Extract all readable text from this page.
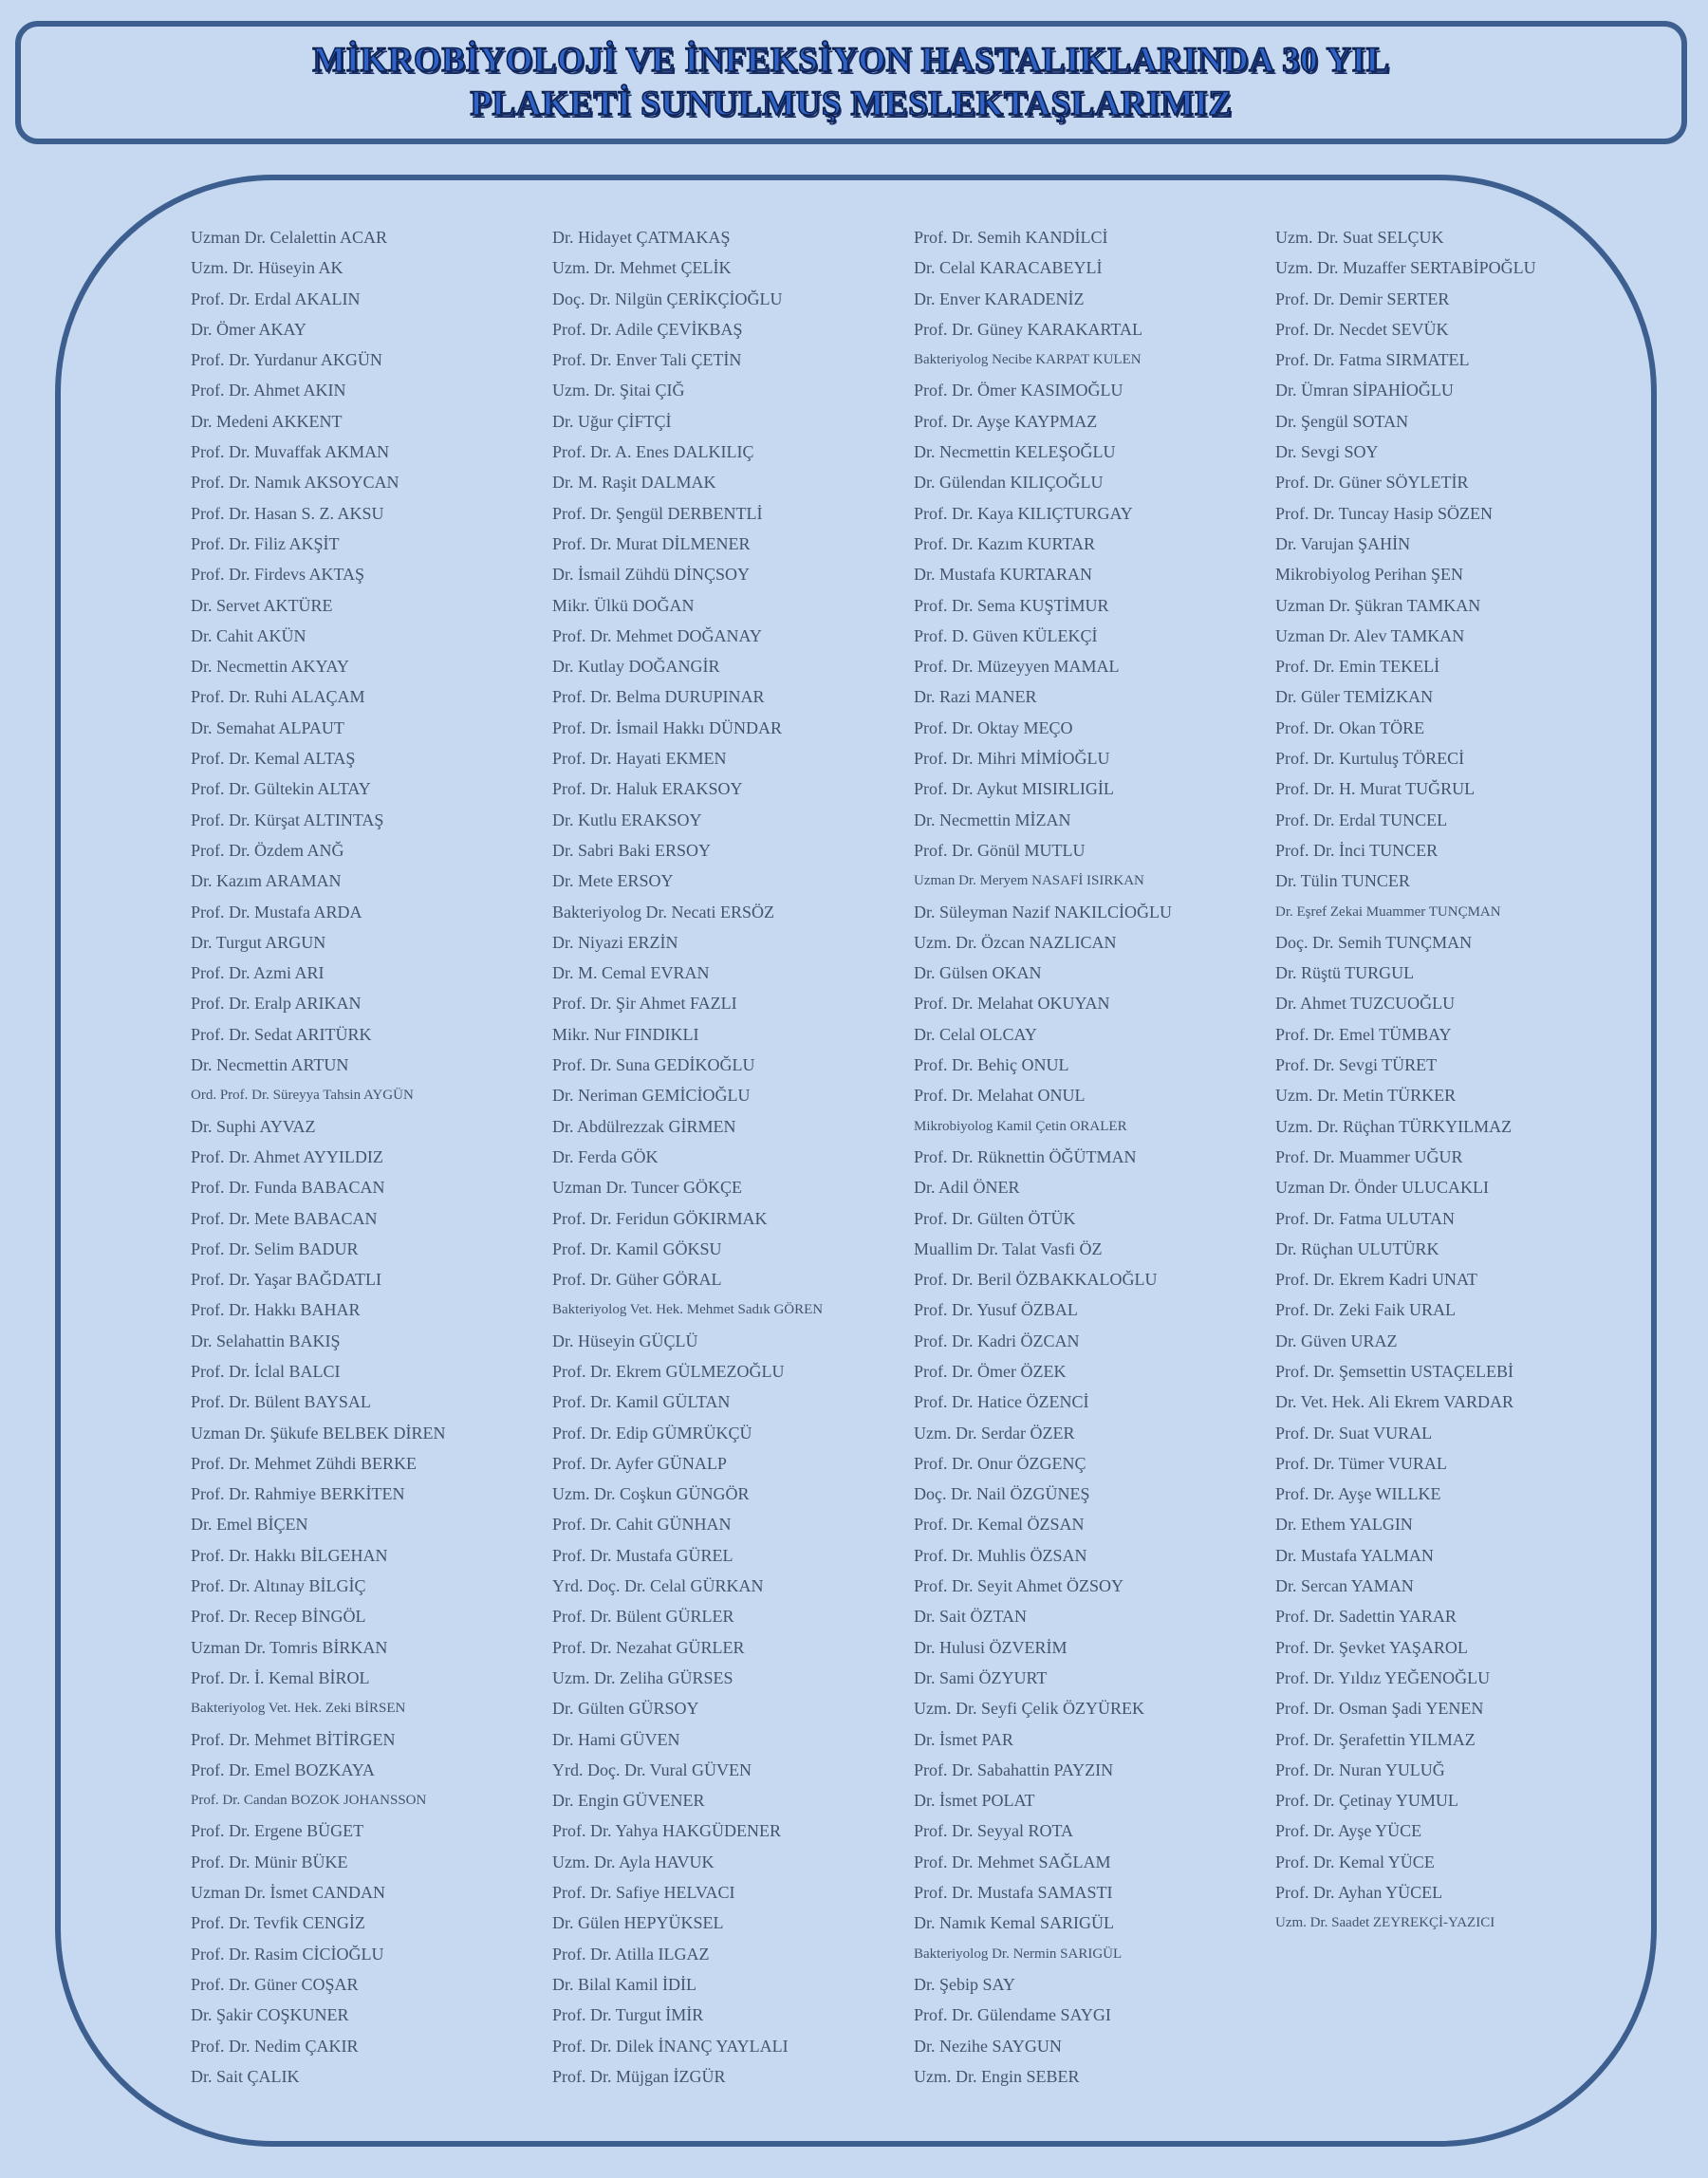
MİKROBİYOLOJİ VE İNFEKSİYON HASTALIKLARINDA 30 YIL
PLAKETİ SUNULMUŞ MESLEKTAŞLARIMIZ
Uzman Dr. Celalettin ACAR
Uzm. Dr. Hüseyin AK
Prof. Dr. Erdal AKALIN
Dr. Ömer AKAY
Prof. Dr. Yurdanur AKGÜN
Prof. Dr. Ahmet AKIN
Dr. Medeni AKKENT
Prof. Dr. Muvaffak AKMAN
Prof. Dr. Namık AKSOYCAN
Prof. Dr. Hasan S. Z. AKSU
Prof. Dr. Filiz AKŞİT
Prof. Dr. Firdevs AKTAŞ
Dr. Servet AKTÜRE
Dr. Cahit AKÜN
Dr. Necmettin AKYAY
Prof. Dr. Ruhi ALAÇAM
Dr. Semahat ALPAUT
Prof. Dr. Kemal ALTAŞ
Prof. Dr. Gültekin ALTAY
Prof. Dr. Kürşat ALTINTAŞ
Prof. Dr. Özdem ANĞ
Dr. Kazım ARAMAN
Prof. Dr. Mustafa ARDA
Dr. Turgut ARGUN
Prof. Dr. Azmi ARI
Prof. Dr. Eralp ARIKAN
Prof. Dr. Sedat ARITÜRK
Dr. Necmettin ARTUN
Ord. Prof. Dr. Süreyya Tahsin AYGÜN
Dr. Suphi AYVAZ
Prof. Dr. Ahmet AYYILDIZ
Prof. Dr. Funda BABACAN
Prof. Dr. Mete BABACAN
Prof. Dr. Selim BADUR
Prof. Dr. Yaşar BAĞDATLI
Prof. Dr. Hakkı BAHAR
Dr. Selahattin BAKIŞ
Prof. Dr. İclal BALCI
Prof. Dr. Bülent BAYSAL
Uzman Dr. Şükufe BELBEK DİREN
Prof. Dr. Mehmet Zühdi BERKE
Prof. Dr. Rahmiye BERKİTEN
Dr. Emel BİÇEN
Prof. Dr. Hakkı BİLGEHAN
Prof. Dr. Altınay BİLGİÇ
Prof. Dr. Recep BİNGÖL
Uzman Dr. Tomris BİRKAN
Prof. Dr. İ. Kemal BİROL
Bakteriyolog Vet. Hek. Zeki BİRSEN
Prof. Dr. Mehmet BİTİRGEN
Prof. Dr. Emel BOZKAYA
Prof. Dr. Candan BOZOK JOHANSSON
Prof. Dr. Ergene BÜGET
Prof. Dr. Münir BÜKE
Uzman Dr. İsmet CANDAN
Prof. Dr. Tevfik CENGİZ
Prof. Dr. Rasim CİCİOĞLU
Prof. Dr. Güner COŞAR
Dr. Şakir COŞKUNER
Prof. Dr. Nedim ÇAKIR
Dr. Sait ÇALIK
Dr. Hidayet ÇATMAKAŞ
Uzm. Dr. Mehmet ÇELİK
Doç. Dr. Nilgün ÇERİKÇİOĞLU
Prof. Dr. Adile ÇEVİKBAŞ
Prof. Dr. Enver Tali ÇETİN
Uzm. Dr. Şitai ÇIĞ
Dr. Uğur ÇİFTÇİ
Prof. Dr. A. Enes DALKILIÇ
Dr. M. Raşit DALMAK
Prof. Dr. Şengül DERBENTLİ
Prof. Dr. Murat DİLMENER
Dr. İsmail Zühdü DİNÇSOY
Mikr. Ülkü DOĞAN
Prof. Dr. Mehmet DOĞANAY
Dr. Kutlay DOĞANGİR
Prof. Dr. Belma DURUPINAR
Prof. Dr. İsmail Hakkı DÜNDAR
Prof. Dr. Hayati EKMEN
Prof. Dr. Haluk ERAKSOY
Dr. Kutlu ERAKSOY
Dr. Sabri Baki ERSOY
Dr. Mete ERSOY
Bakteriyolog Dr. Necati ERSÖZ
Dr. Niyazi ERZİN
Dr. M. Cemal EVRAN
Prof. Dr. Şir Ahmet FAZLI
Mikr. Nur FINDIKLI
Prof. Dr. Suna GEDİKOĞLU
Dr. Neriman GEMİCİOĞLU
Dr. Abdülrezzak GİRMEN
Dr. Ferda GÖK
Uzman Dr. Tuncer GÖKÇE
Prof. Dr. Feridun GÖKIRMAK
Prof. Dr. Kamil GÖKSU
Prof. Dr. Güher GÖRAL
Bakteriyolog Vet. Hek. Mehmet Sadık GÖREN
Dr. Hüseyin GÜÇLÜ
Prof. Dr. Ekrem GÜLMEZOĞLU
Prof. Dr. Kamil GÜLTAN
Prof. Dr. Edip GÜMRÜKÇÜ
Prof. Dr. Ayfer GÜNALP
Uzm. Dr. Coşkun GÜNGÖR
Prof. Dr. Cahit GÜNHAN
Prof. Dr. Mustafa GÜREL
Yrd. Doç. Dr. Celal GÜRKAN
Prof. Dr. Bülent GÜRLER
Prof. Dr. Nezahat GÜRLER
Uzm. Dr. Zeliha GÜRSES
Dr. Gülten GÜRSOY
Dr. Hami GÜVEN
Yrd. Doç. Dr. Vural GÜVEN
Dr. Engin GÜVENER
Prof. Dr. Yahya HAKGÜDENER
Uzm. Dr. Ayla HAVUK
Prof. Dr. Safiye HELVACI
Dr. Gülen HEPYÜKSEL
Prof. Dr. Atilla ILGAZ
Dr. Bilal Kamil İDİL
Prof. Dr. Turgut İMİR
Prof. Dr. Dilek İNANÇ YAYLALI
Prof. Dr. Müjgan İZGÜR
Prof. Dr. Semih KANDİLCİ
Dr. Celal KARACABEYLİ
Dr. Enver KARADENİZ
Prof. Dr. Güney KARAKARTAL
Bakteriyolog Necibe KARPAT KULEN
Prof. Dr. Ömer KASIMOĞLU
Prof. Dr. Ayşe KAYPMAZ
Dr. Necmettin KELEŞOĞLU
Dr. Gülendan KILIÇOĞLU
Prof. Dr. Kaya KILIÇTURGAY
Prof. Dr. Kazım KURTAR
Dr. Mustafa KURTARAN
Prof. Dr. Sema KUŞTİMUR
Prof. D. Güven KÜLEKÇİ
Prof. Dr. Müzeyyen MAMAL
Dr. Razi MANER
Prof. Dr. Oktay MEÇO
Prof. Dr. Mihri MİMİOĞLU
Prof. Dr. Aykut MISIRLIGİL
Dr. Necmettin MİZAN
Prof. Dr. Gönül MUTLU
Uzman Dr. Meryem NASAFİ ISIRKAN
Dr. Süleyman Nazif NAKILCİOĞLU
Uzm. Dr. Özcan NAZLICAN
Dr. Gülsen OKAN
Prof. Dr. Melahat OKUYAN
Dr. Celal OLCAY
Prof. Dr. Behiç ONUL
Prof. Dr. Melahat ONUL
Mikrobiyolog Kamil Çetin ORALER
Prof. Dr. Rüknettin ÖĞÜTMAN
Dr. Adil ÖNER
Prof. Dr. Gülten ÖTÜK
Muallim Dr. Talat Vasfi ÖZ
Prof. Dr. Beril ÖZBAKKALOĞLU
Prof. Dr. Yusuf ÖZBAL
Prof. Dr. Kadri ÖZCAN
Prof. Dr. Ömer ÖZEK
Prof. Dr. Hatice ÖZENCİ
Uzm. Dr. Serdar ÖZER
Prof. Dr. Onur ÖZGENÇ
Doç. Dr. Nail ÖZGÜNEŞ
Prof. Dr. Kemal ÖZSAN
Prof. Dr. Muhlis ÖZSAN
Prof. Dr. Seyit Ahmet ÖZSOY
Dr. Sait ÖZTAN
Dr. Hulusi ÖZVERİM
Dr. Sami ÖZYURT
Uzm. Dr. Seyfi Çelik ÖZYÜREK
Dr. İsmet PAR
Prof. Dr. Sabahattin PAYZIN
Dr. İsmet POLAT
Prof. Dr. Seyyal ROTA
Prof. Dr. Mehmet SAĞLAM
Prof. Dr. Mustafa SAMASTI
Dr. Namık Kemal SARIGÜL
Bakteriyolog Dr. Nermin SARIGÜL
Dr. Şebip SAY
Prof. Dr. Gülendame SAYGI
Dr. Nezihe SAYGUN
Uzm. Dr. Engin SEBER
Uzm. Dr. Suat SELÇUK
Uzm. Dr. Muzaffer SERTABİPOĞLU
Prof. Dr. Demir SERTER
Prof. Dr. Necdet SEVÜK
Prof. Dr. Fatma SIRMATEL
Dr. Ümran SİPAHİOĞLU
Dr. Şengül SOTAN
Dr. Sevgi SOY
Prof. Dr. Güner SÖYLETİR
Prof. Dr. Tuncay Hasip SÖZEN
Dr. Varujan ŞAHİN
Mikrobiyolog Perihan ŞEN
Uzman Dr. Şükran TAMKAN
Uzman Dr. Alev TAMKAN
Prof. Dr. Emin TEKELİ
Dr. Güler TEMİZKAN
Prof. Dr. Okan TÖRE
Prof. Dr. Kurtuluş TÖRECİ
Prof. Dr. H. Murat TUĞRUL
Prof. Dr. Erdal TUNCEL
Prof. Dr. İnci TUNCER
Dr. Tülin TUNCER
Dr. Eşref Zekai Muammer TUNÇMAN
Doç. Dr. Semih TUNÇMAN
Dr. Rüştü TURGUL
Dr. Ahmet TUZCUOĞLU
Prof. Dr. Emel TÜMBAY
Prof. Dr. Sevgi TÜRET
Uzm. Dr. Metin TÜRKER
Uzm. Dr. Rüçhan TÜRKYILMAZ
Prof. Dr. Muammer UĞUR
Uzman Dr. Önder ULUCAKLI
Prof. Dr. Fatma ULUTAN
Dr. Rüçhan ULUTÜRK
Prof. Dr. Ekrem Kadri UNAT
Prof. Dr. Zeki Faik URAL
Dr. Güven URAZ
Prof. Dr. Şemsettin USTAÇELEBİ
Dr. Vet. Hek. Ali Ekrem VARDAR
Prof. Dr. Suat VURAL
Prof. Dr. Tümer VURAL
Prof. Dr. Ayşe WILLKE
Dr. Ethem YALGIN
Dr. Mustafa YALMAN
Dr. Sercan YAMAN
Prof. Dr. Sadettin YARAR
Prof. Dr. Şevket YAŞAROL
Prof. Dr. Yıldız YEĞENOĞLU
Prof. Dr. Osman Şadi YENEN
Prof. Dr. Şerafettin YILMAZ
Prof. Dr. Nuran YULUĞ
Prof. Dr. Çetinay YUMUL
Prof. Dr. Ayşe YÜCE
Prof. Dr. Kemal YÜCE
Prof. Dr. Ayhan YÜCEL
Uzm. Dr. Saadet ZEYREKÇİ-YAZICI
